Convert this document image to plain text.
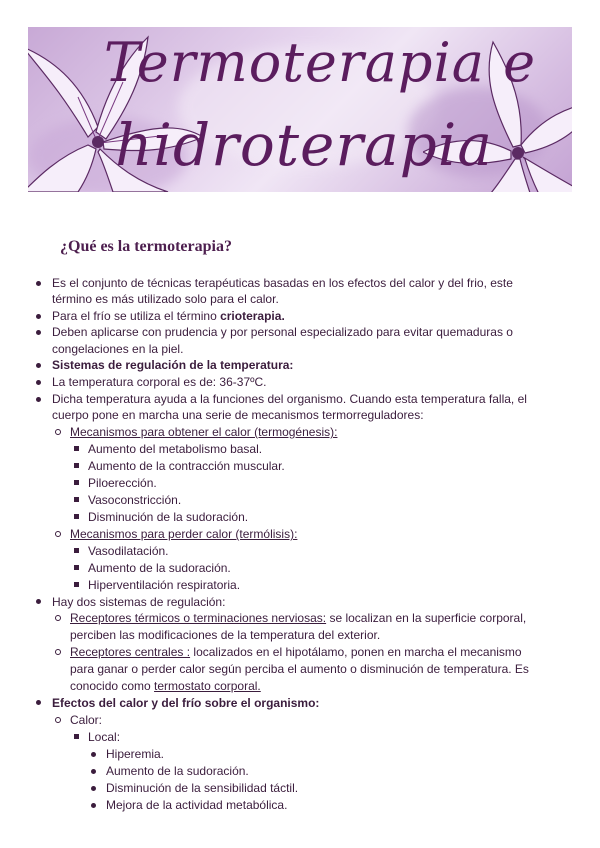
Termoterapia e
hidroterapia
¿Qué es la termoterapia?
Es el conjunto de técnicas terapéuticas basadas en los efectos del calor y del frio, este
término es más utilizado solo para el calor.
Para el frío se utiliza el término crioterapia.
Deben aplicarse con prudencia y por personal especializado para evitar quemaduras o
congelaciones en la piel.
Sistemas de regulación de la temperatura:
La temperatura corporal es de: 36-37ºC.
Dicha temperatura ayuda a la funciones del organismo. Cuando esta temperatura falla, el
cuerpo pone en marcha una serie de mecanismos termorreguladores:
Mecanismos para obtener el calor (termogénesis):
Aumento del metabolismo basal.
Aumento de la contracción muscular.
Piloerección.
Vasoconstricción.
Disminución de la sudoración.
Mecanismos para perder calor (termólisis):
Vasodilatación.
Aumento de la sudoración.
Hiperventilación respiratoria.
Hay dos sistemas de regulación:
Receptores térmicos o terminaciones nerviosas: se localizan en la superficie corporal,
perciben las modificaciones de la temperatura del exterior.
Receptores centrales : localizados en el hipotálamo, ponen en marcha el mecanismo
para ganar o perder calor según perciba el aumento o disminución de temperatura. Es
conocido como termostato corporal.
Efectos del calor y del frío sobre el organismo:
Calor:
Local:
Hiperemia.
Aumento de la sudoración.
Disminución de la sensibilidad táctil.
Mejora de la actividad metabólica.
